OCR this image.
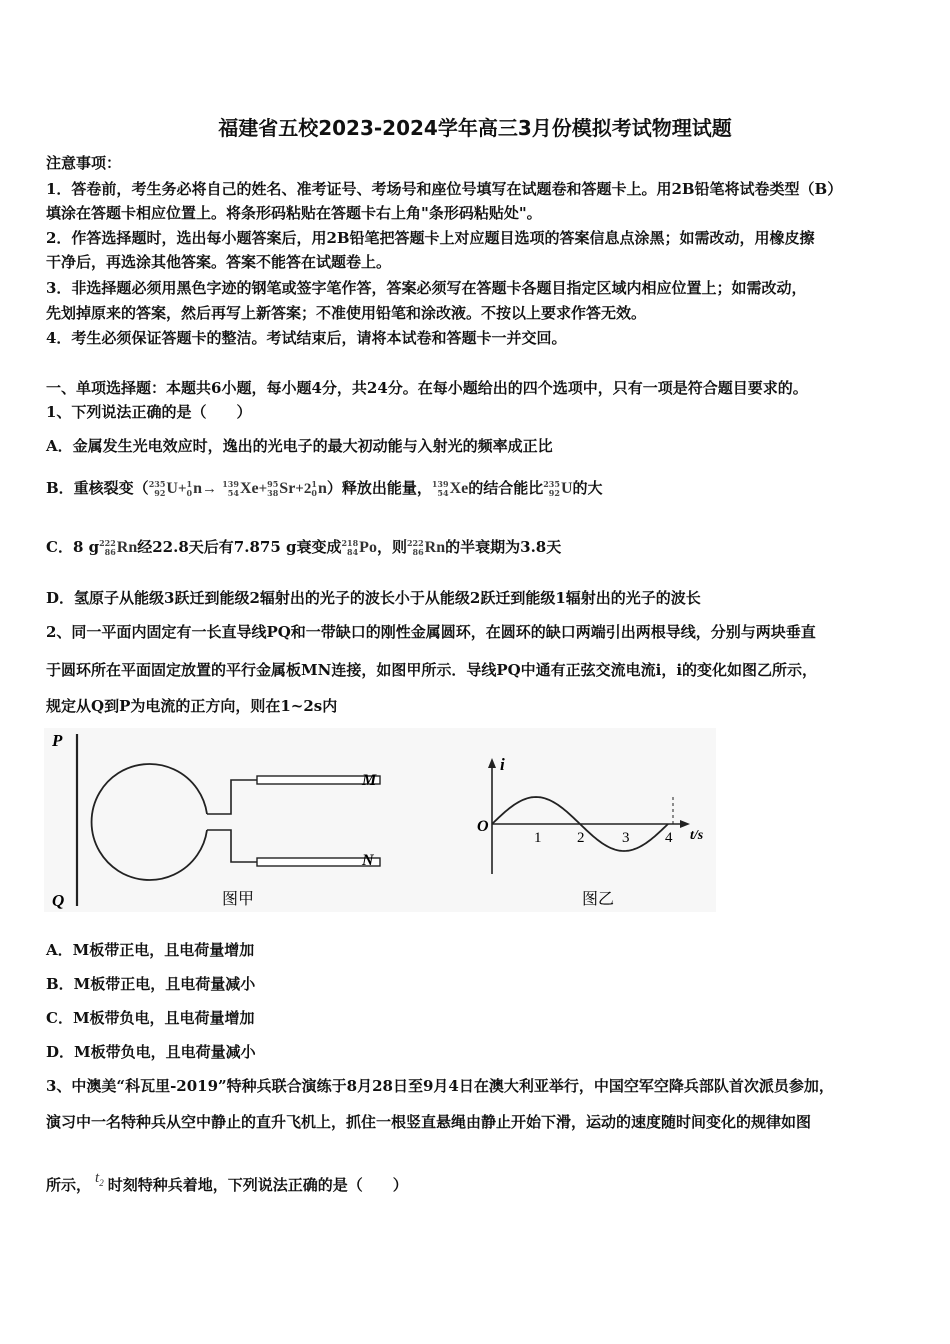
福建省五校2023-2024学年高三3月份模拟考试物理试题
注意事项：
1．答卷前，考生务必将自己的姓名、准考证号、考场号和座位号填写在试题卷和答题卡上。用2B铅笔将试卷类型（B）
填涂在答题卡相应位置上。将条形码粘贴在答题卡右上角"条形码粘贴处"。
2．作答选择题时，选出每小题答案后，用2B铅笔把答题卡上对应题目选项的答案信息点涂黑；如需改动，用橡皮擦
干净后，再选涂其他答案。答案不能答在试题卷上。
3．非选择题必须用黑色字迹的钢笔或签字笔作答，答案必须写在答题卡各题目指定区域内相应位置上；如需改动，
先划掉原来的答案，然后再写上新答案；不准使用铅笔和涂改液。不按以上要求作答无效。
4．考生必须保证答题卡的整洁。考试结束后，请将本试卷和答题卡一并交回。
一、单项选择题：本题共6小题，每小题4分，共24分。在每小题给出的四个选项中，只有一项是符合题目要求的。
1、下列说法正确的是（　　）
A．金属发生光电效应时，逸出的光电子的最大初动能与入射光的频率成正比
B．重核裂变（ 235
92 U+ 1
0 n→ 139
54 Xe+ 95
38 Sr+2 1
0 n）释放出能量， 139
54 Xe的结合能比 235
92 U的大
C．8 g 222
86 Rn经22.8天后有7.875 g衰变成 218
84 Po，则 222
86 Rn的半衰期为3.8天
D．氢原子从能级3跃迁到能级2辐射出的光子的波长小于从能级2跃迁到能级1辐射出的光子的波长
2、同一平面内固定有一长直导线PQ和一带缺口的刚性金属圆环，在圆环的缺口两端引出两根导线，分别与两块垂直
于圆环所在平面固定放置的平行金属板MN连接，如图甲所示．导线PQ中通有正弦交流电流i，i的变化如图乙所示，
规定从Q到P为电流的正方向，则在1~2s内
P
Q
M
N
图甲
i
O
t/s
1 2	3 4
图乙
A．M板带正电，且电荷量增加
B．M板带正电，且电荷量减小
C．M板带负电，且电荷量增加
D．M板带负电，且电荷量减小
3、中澳美“科瓦里-2019”特种兵联合演练于8月28日至9月4日在澳大利亚举行，中国空军空降兵部队首次派员参加，
演习中一名特种兵从空中静止的直升飞机上，抓住一根竖直悬绳由静止开始下滑，运动的速度随时间变化的规律如图
所示， $t_2$ 时刻特种兵着地，下列说法正确的是（　　）
